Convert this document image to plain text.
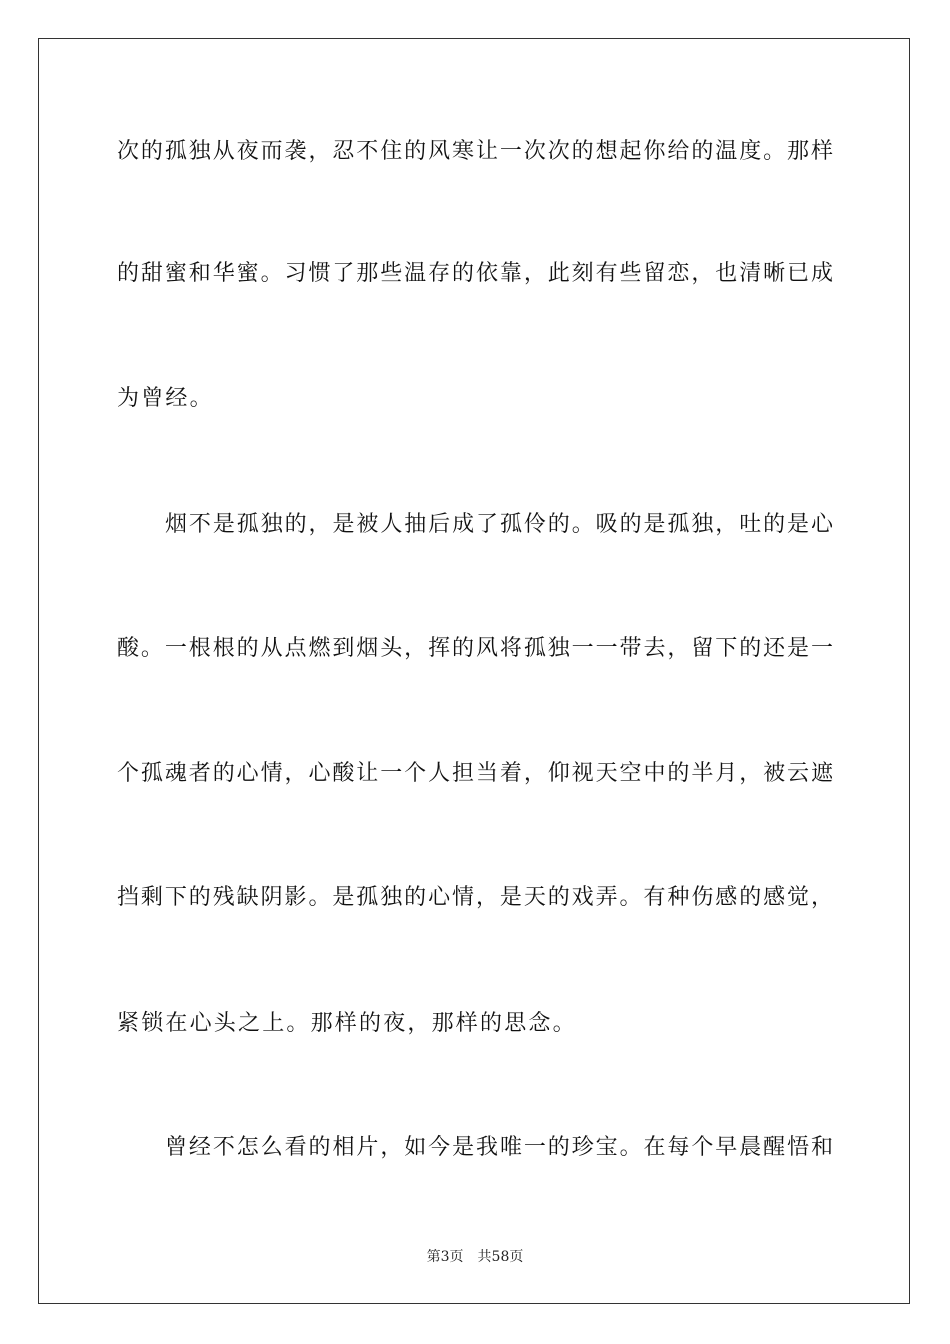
次的孤独从夜而袭，忍不住的风寒让一次次的想起你给的温度。那样
的甜蜜和华蜜。习惯了那些温存的依靠，此刻有些留恋，也清晰已成
为曾经。
烟不是孤独的，是被人抽后成了孤伶的。吸的是孤独，吐的是心
酸。一根根的从点燃到烟头，挥的风将孤独一一带去，留下的还是一
个孤魂者的心情，心酸让一个人担当着，仰视天空中的半月，被云遮
挡剩下的残缺阴影。是孤独的心情，是天的戏弄。有种伤感的感觉，
紧锁在心头之上。那样的夜，那样的思念。
曾经不怎么看的相片，如今是我唯一的珍宝。在每个早晨醒悟和
第3页 共58页
